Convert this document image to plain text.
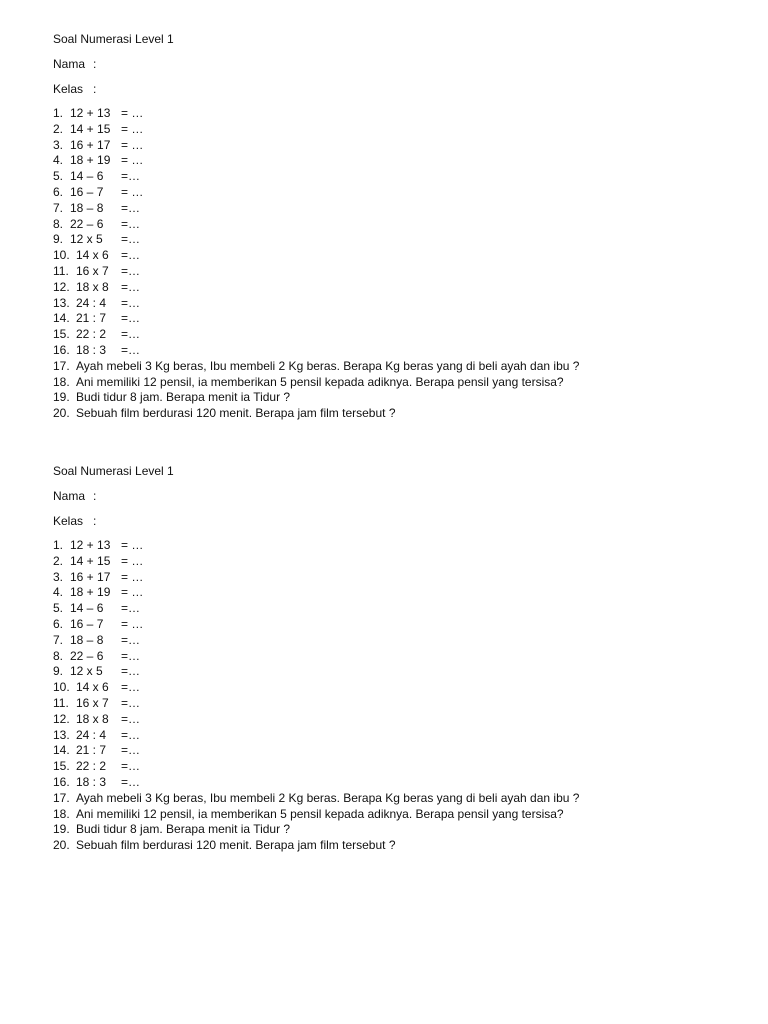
Soal Numerasi Level 1
Nama :
Kelas :
1. 12 + 13 = …
2. 14 + 15 = …
3. 16 + 17 = …
4. 18 + 19 = …
5. 14 – 6 =…
6. 16 – 7 = …
7. 18 – 8 =…
8. 22 – 6 =…
9. 12 x 5 =…
10. 14 x 6 =…
11. 16 x 7 =…
12. 18 x 8 =…
13. 24 : 4 =…
14. 21 : 7 =…
15. 22 : 2 =…
16. 18 : 3 =…
17. Ayah mebeli 3 Kg beras, Ibu membeli 2 Kg beras. Berapa Kg beras yang di beli ayah dan ibu ?
18. Ani memiliki 12 pensil, ia memberikan 5 pensil kepada adiknya. Berapa pensil yang tersisa?
19. Budi tidur 8 jam. Berapa menit ia Tidur ?
20. Sebuah film berdurasi 120 menit. Berapa jam film tersebut ?
Soal Numerasi Level 1
Nama :
Kelas :
1. 12 + 13 = …
2. 14 + 15 = …
3. 16 + 17 = …
4. 18 + 19 = …
5. 14 – 6 =…
6. 16 – 7 = …
7. 18 – 8 =…
8. 22 – 6 =…
9. 12 x 5 =…
10. 14 x 6 =…
11. 16 x 7 =…
12. 18 x 8 =…
13. 24 : 4 =…
14. 21 : 7 =…
15. 22 : 2 =…
16. 18 : 3 =…
17. Ayah mebeli 3 Kg beras, Ibu membeli 2 Kg beras. Berapa Kg beras yang di beli ayah dan ibu ?
18. Ani memiliki 12 pensil, ia memberikan 5 pensil kepada adiknya. Berapa pensil yang tersisa?
19. Budi tidur 8 jam. Berapa menit ia Tidur ?
20. Sebuah film berdurasi 120 menit. Berapa jam film tersebut ?
